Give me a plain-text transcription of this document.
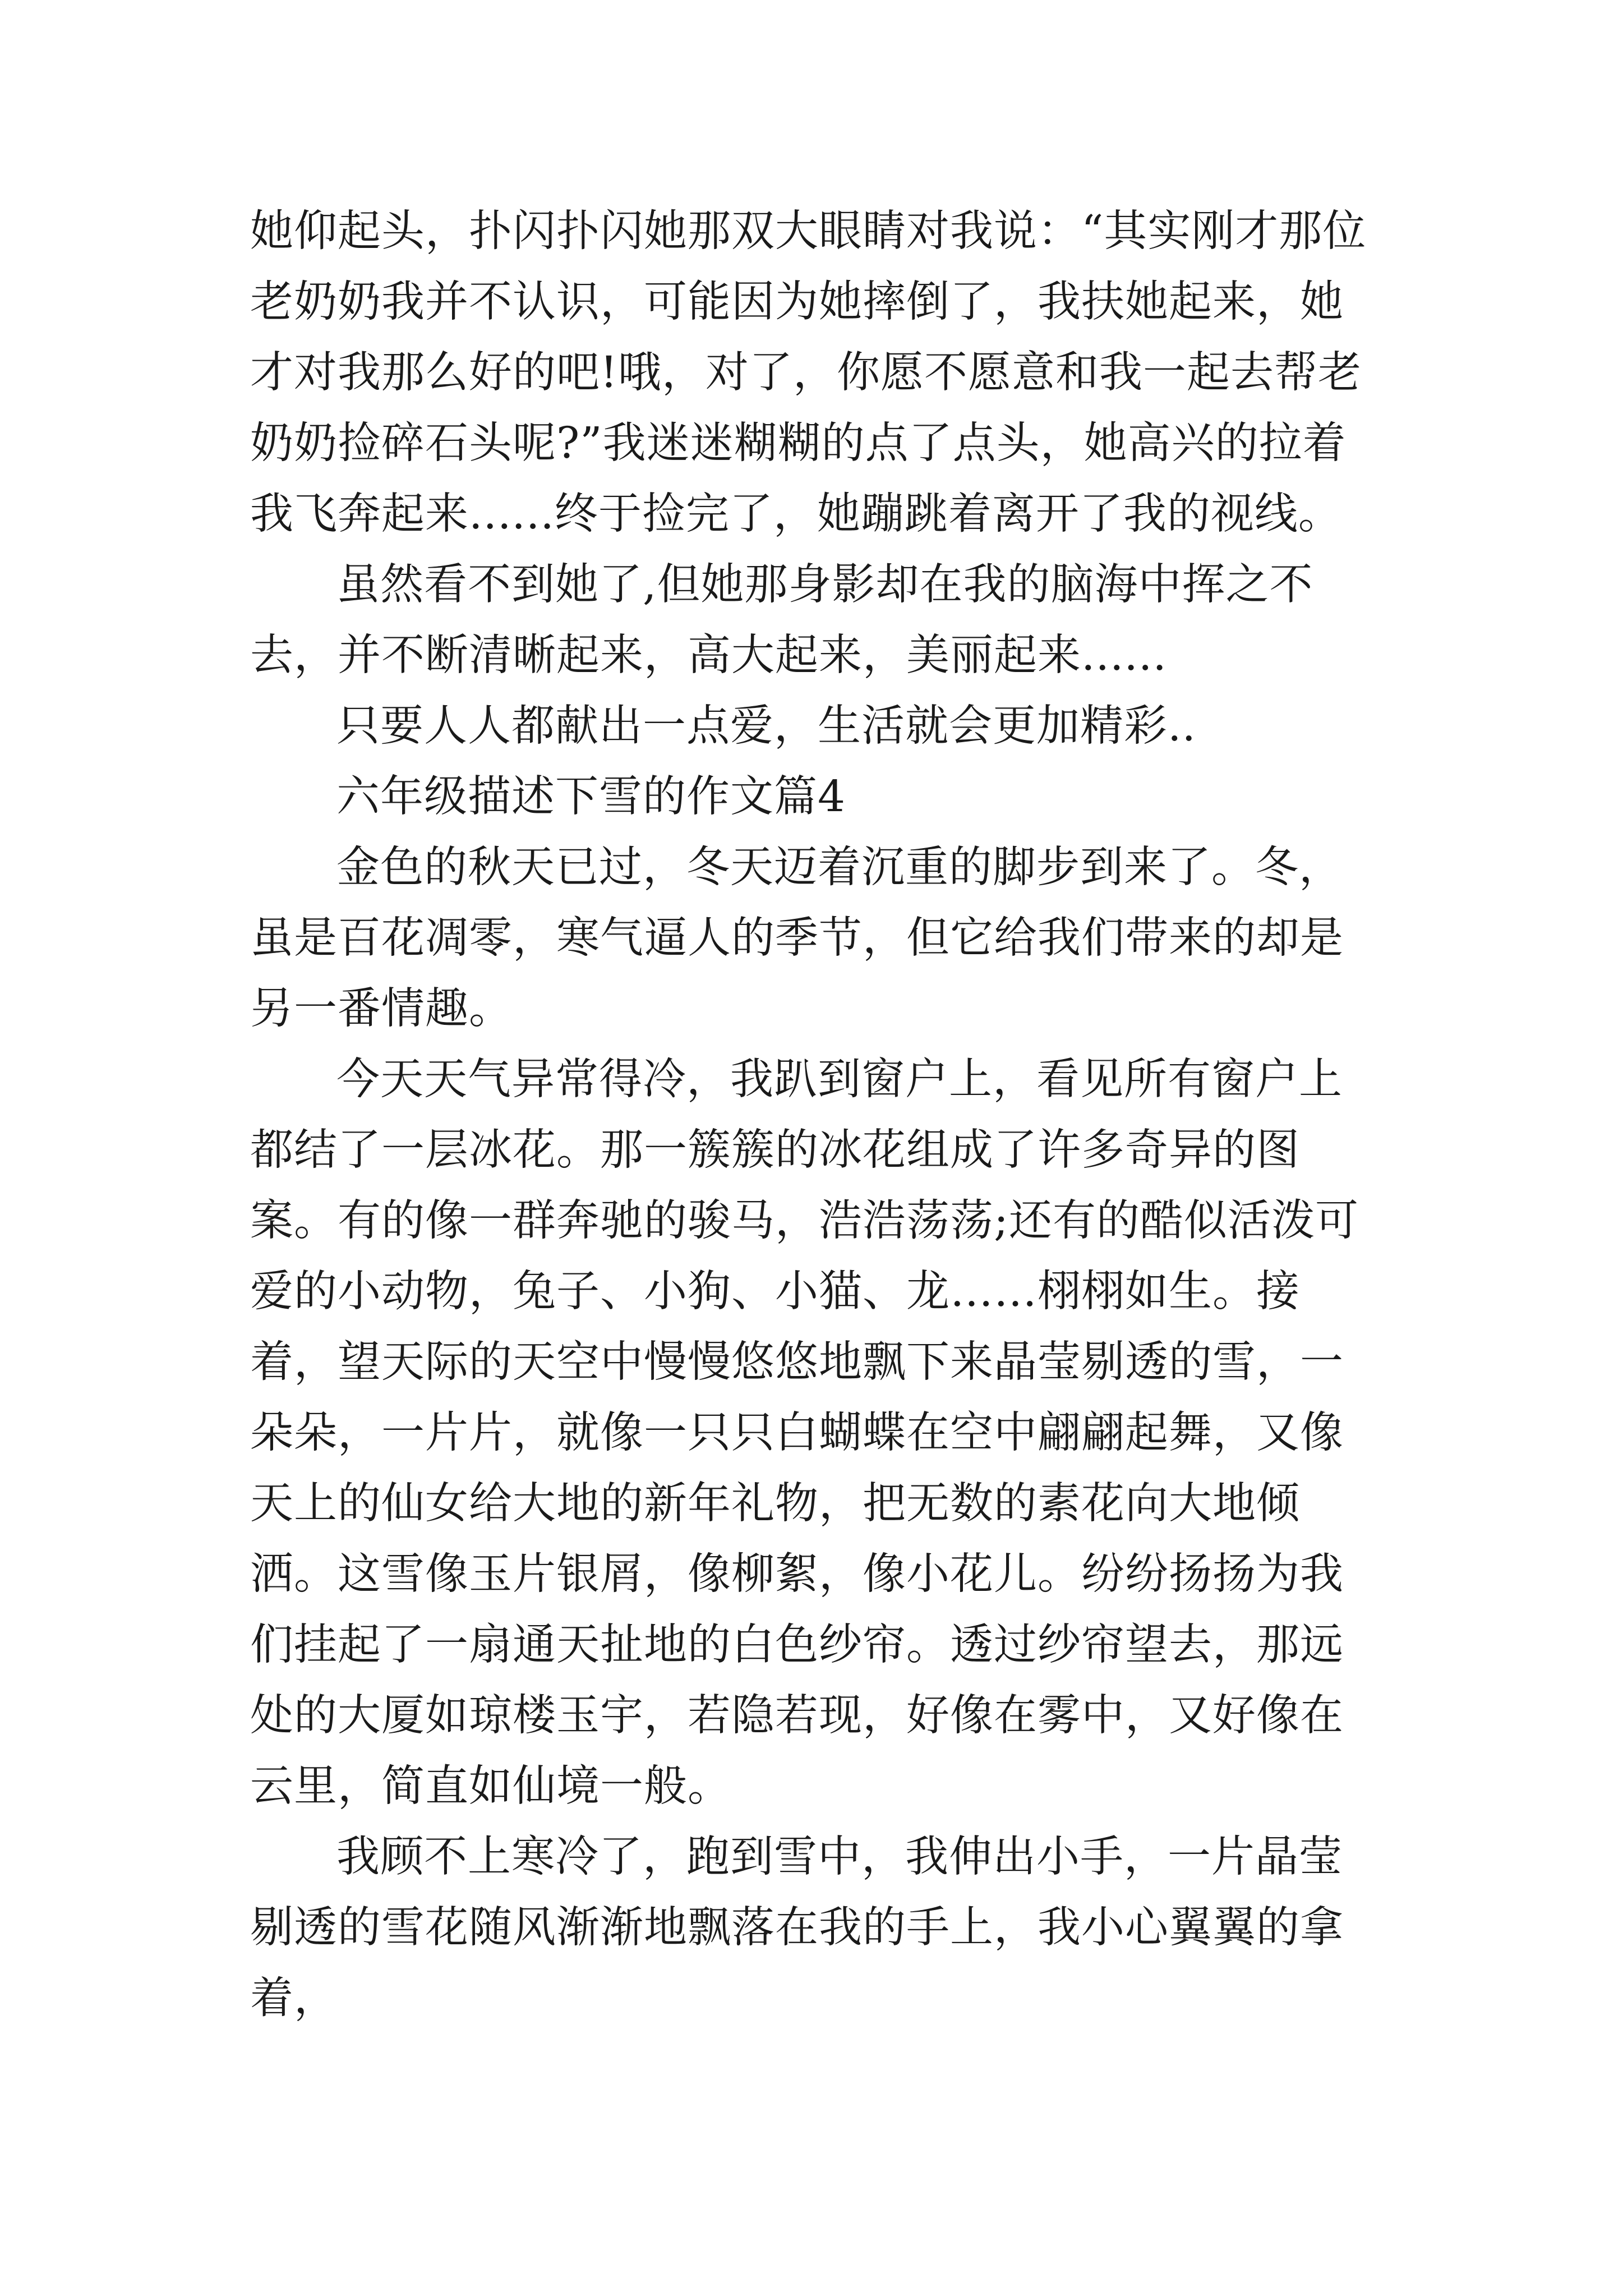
她仰起头，扑闪扑闪她那双大眼睛对我说：“其实刚才那位老奶奶我并不认识，可能因为她摔倒了，我扶她起来，她才对我那么好的吧!哦，对了，你愿不愿意和我一起去帮老奶奶捡碎石头呢?”我迷迷糊糊的点了点头，她高兴的拉着我飞奔起来......终于捡完了，她蹦跳着离开了我的视线。

虽然看不到她了,但她那身影却在我的脑海中挥之不去，并不断清晰起来，高大起来，美丽起来......

只要人人都献出一点爱，生活就会更加精彩..

六年级描述下雪的作文篇4

金色的秋天已过，冬天迈着沉重的脚步到来了。冬，虽是百花凋零，寒气逼人的季节，但它给我们带来的却是另一番情趣。

今天天气异常得冷，我趴到窗户上，看见所有窗户上都结了一层冰花。那一簇簇的冰花组成了许多奇异的图案。有的像一群奔驰的骏马，浩浩荡荡;还有的酷似活泼可爱的小动物，兔子、小狗、小猫、龙……栩栩如生。接着，望天际的天空中慢慢悠悠地飘下来晶莹剔透的雪，一朵朵，一片片，就像一只只白蝴蝶在空中翩翩起舞，又像天上的仙女给大地的新年礼物，把无数的素花向大地倾洒。这雪像玉片银屑，像柳絮，像小花儿。纷纷扬扬为我们挂起了一扇通天扯地的白色纱帘。透过纱帘望去，那远处的大厦如琼楼玉宇，若隐若现，好像在雾中，又好像在云里，简直如仙境一般。

我顾不上寒冷了，跑到雪中，我伸出小手，一片晶莹剔透的雪花随风渐渐地飘落在我的手上，我小心翼翼的拿着，
